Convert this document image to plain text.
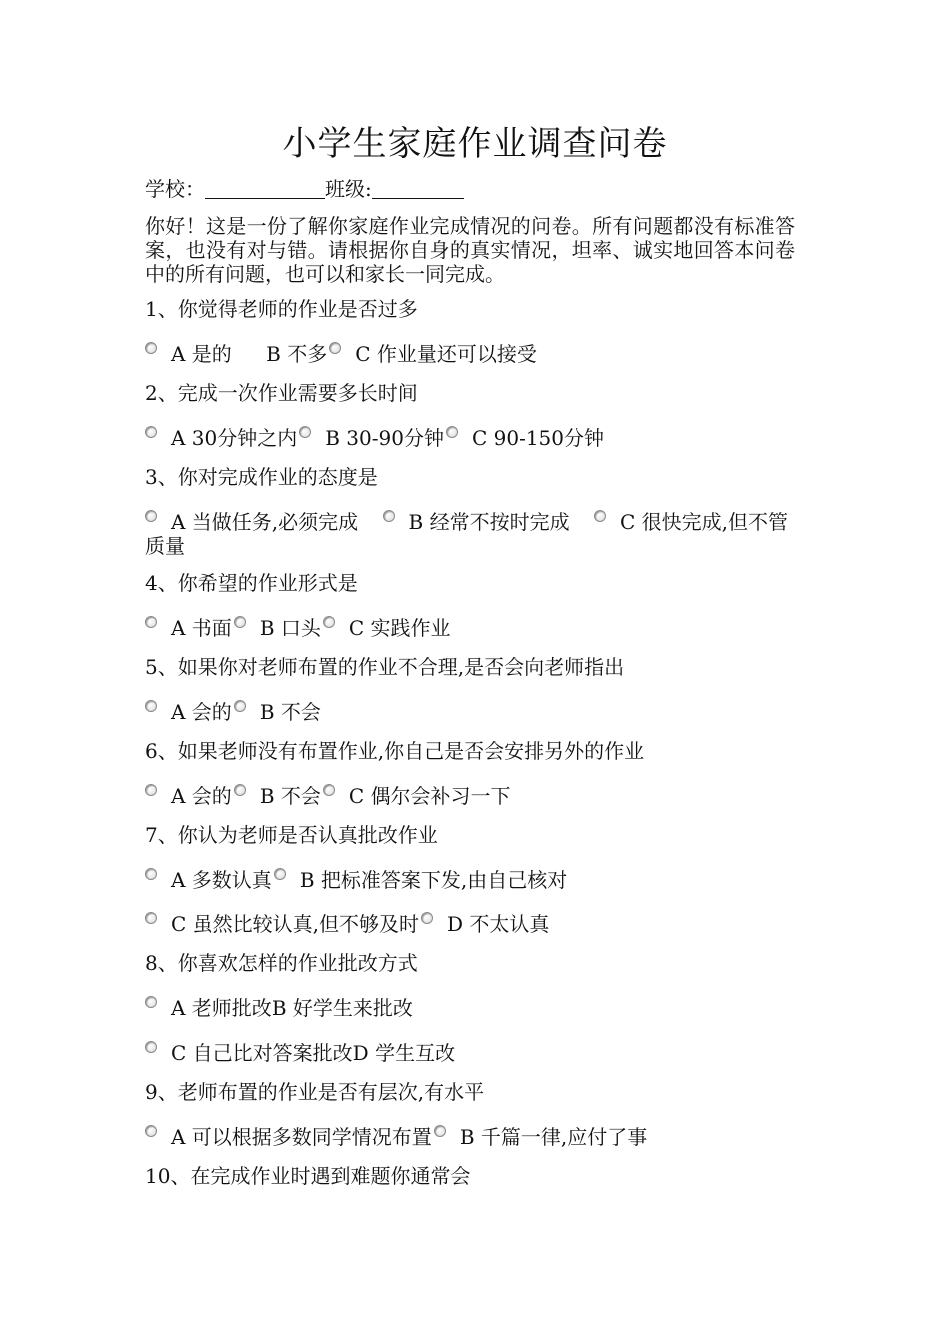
小学生家庭作业调查问卷
学校：	班级:
你好！这是一份了解你家庭作业完成情况的问卷。所有问题都没有标准答案，也没有对与错。请根据你自身的真实情况，坦率、诚实地回答本问卷中的所有问题，也可以和家长一同完成。
1、你觉得老师的作业是否过多
A 是的 B 不多 C 作业量还可以接受
2、完成一次作业需要多长时间
A 30分钟之内 B 30-90分钟 C 90-150分钟
3、你对完成作业的态度是
A 当做任务,必须完成	B 经常不按时完成	C 很快完成,但不管质量
4、你希望的作业形式是
A 书面 B 口头 C 实践作业
5、如果你对老师布置的作业不合理,是否会向老师指出
A 会的 B 不会
6、如果老师没有布置作业,你自己是否会安排另外的作业
A 会的 B 不会 C 偶尔会补习一下
7、你认为老师是否认真批改作业
A 多数认真 B 把标准答案下发,由自己核对
C 虽然比较认真,但不够及时 D 不太认真
8、你喜欢怎样的作业批改方式
A 老师批改B 好学生来批改
C 自己比对答案批改D 学生互改
9、老师布置的作业是否有层次,有水平
A 可以根据多数同学情况布置 B 千篇一律,应付了事
10、在完成作业时遇到难题你通常会
